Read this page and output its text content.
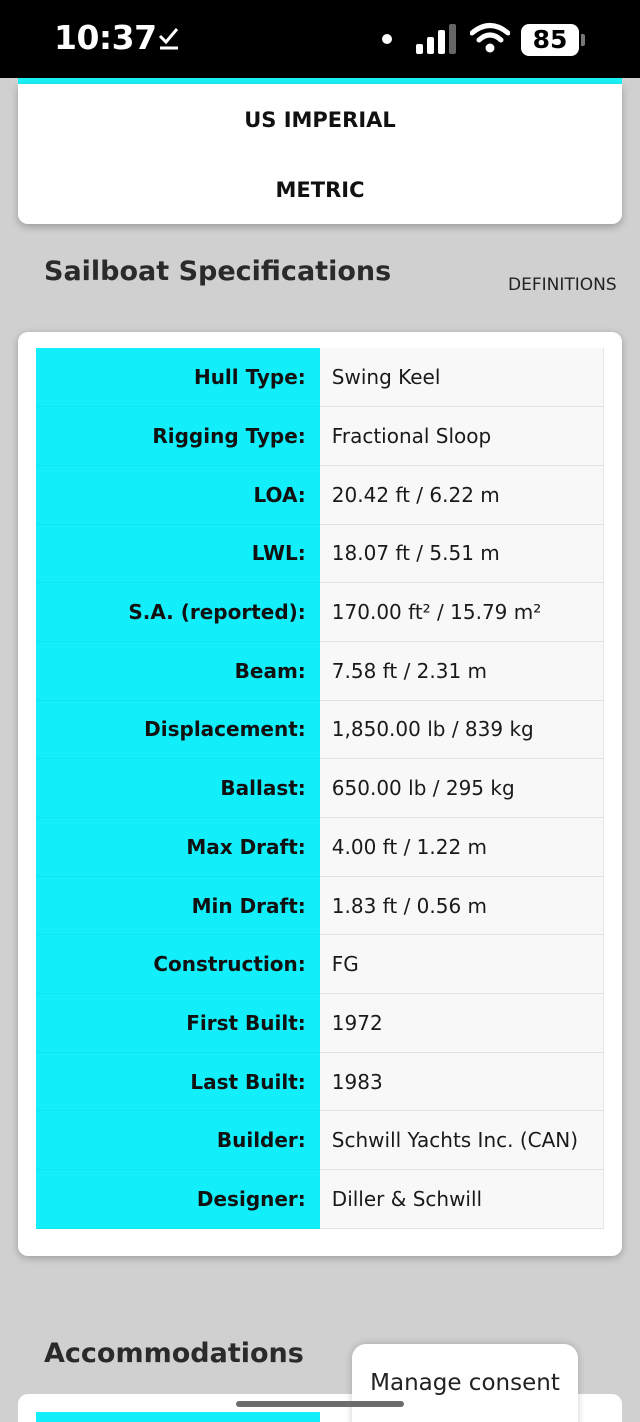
10:37	85
US IMPERIAL
METRIC
Sailboat Specifications	DEFINITIONS
Hull Type:	Swing Keel
Rigging Type:	Fractional Sloop
LOA:	20.42 ft / 6.22 m
LWL:	18.07 ft / 5.51 m
S.A. (reported):	170.00 ft² / 15.79 m²
Beam:	7.58 ft / 2.31 m
Displacement:	1,850.00 lb / 839 kg
Ballast:	650.00 lb / 295 kg
Max Draft:	4.00 ft / 1.22 m
Min Draft:	1.83 ft / 0.56 m
Construction:	FG
First Built:	1972
Last Built:	1983
Builder:	Schwill Yachts Inc. (CAN)
Designer:	Diller & Schwill
Accommodations
Manage consent
